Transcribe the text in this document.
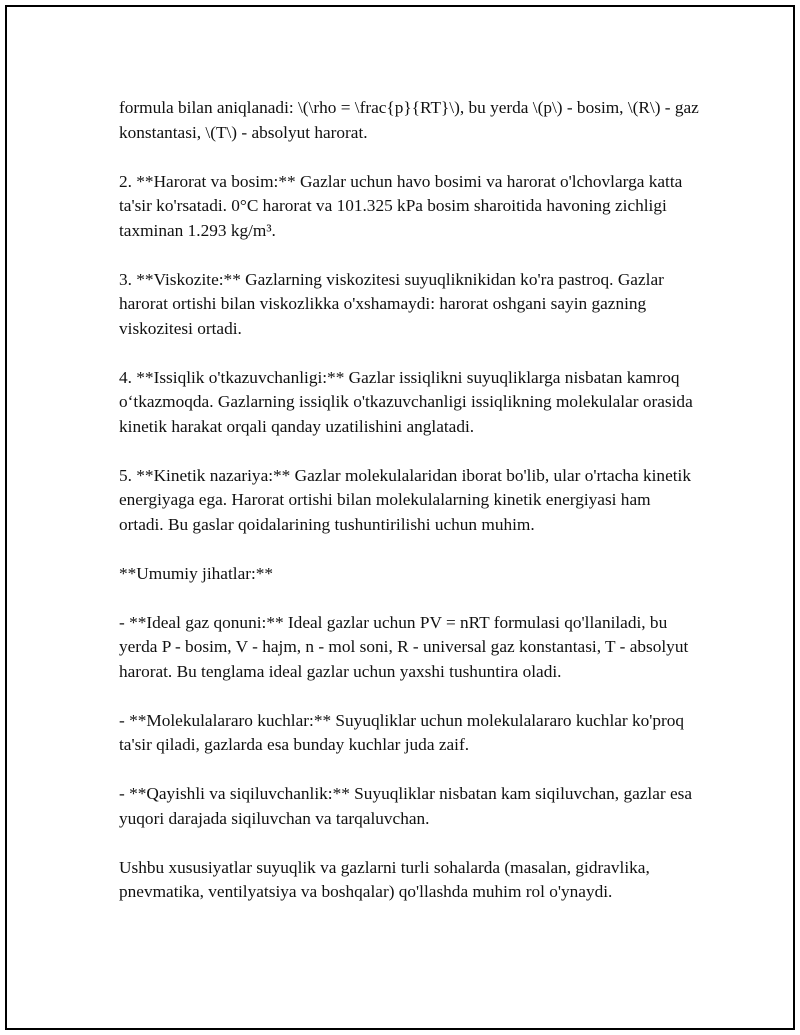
formula bilan aniqlanadi: \(\rho = \frac{p}{RT}\), bu yerda \(p\) - bosim, \(R\) - gaz konstantasi, \(T\) - absolyut harorat.

2. **Harorat va bosim:** Gazlar uchun havo bosimi va harorat o'lchovlarga katta ta'sir ko'rsatadi. 0°C harorat va 101.325 kPa bosim sharoitida havoning zichligi taxminan 1.293 kg/m³.

3. **Viskozite:** Gazlarning viskozitesi suyuqliknikidan ko'ra pastroq. Gazlar harorat ortishi bilan viskozlikka o'xshamaydi: harorat oshgani sayin gazning viskozitesi ortadi.

4. **Issiqlik o'tkazuvchanligi:** Gazlar issiqlikni suyuqliklarga nisbatan kamroq o‘tkazmoqda. Gazlarning issiqlik o'tkazuvchanligi issiqlikning molekulalar orasida kinetik harakat orqali qanday uzatilishini anglatadi.

5. **Kinetik nazariya:** Gazlar molekulalaridan iborat bo'lib, ular o'rtacha kinetik energiyaga ega. Harorat ortishi bilan molekulalarning kinetik energiyasi ham ortadi. Bu gaslar qoidalarining tushuntirilishi uchun muhim.

**Umumiy jihatlar:**

- **Ideal gaz qonuni:** Ideal gazlar uchun PV = nRT formulasi qo'llaniladi, bu yerda P - bosim, V - hajm, n - mol soni, R - universal gaz konstantasi, T - absolyut harorat. Bu tenglama ideal gazlar uchun yaxshi tushuntira oladi.

- **Molekulalararo kuchlar:** Suyuqliklar uchun molekulalararo kuchlar ko'proq ta'sir qiladi, gazlarda esa bunday kuchlar juda zaif.

- **Qayishli va siqiluvchanlik:** Suyuqliklar nisbatan kam siqiluvchan, gazlar esa yuqori darajada siqiluvchan va tarqaluvchan.

Ushbu xususiyatlar suyuqlik va gazlarni turli sohalarda (masalan, gidravlika, pnevmatika, ventilyatsiya va boshqalar) qo'llashda muhim rol o'ynaydi.
